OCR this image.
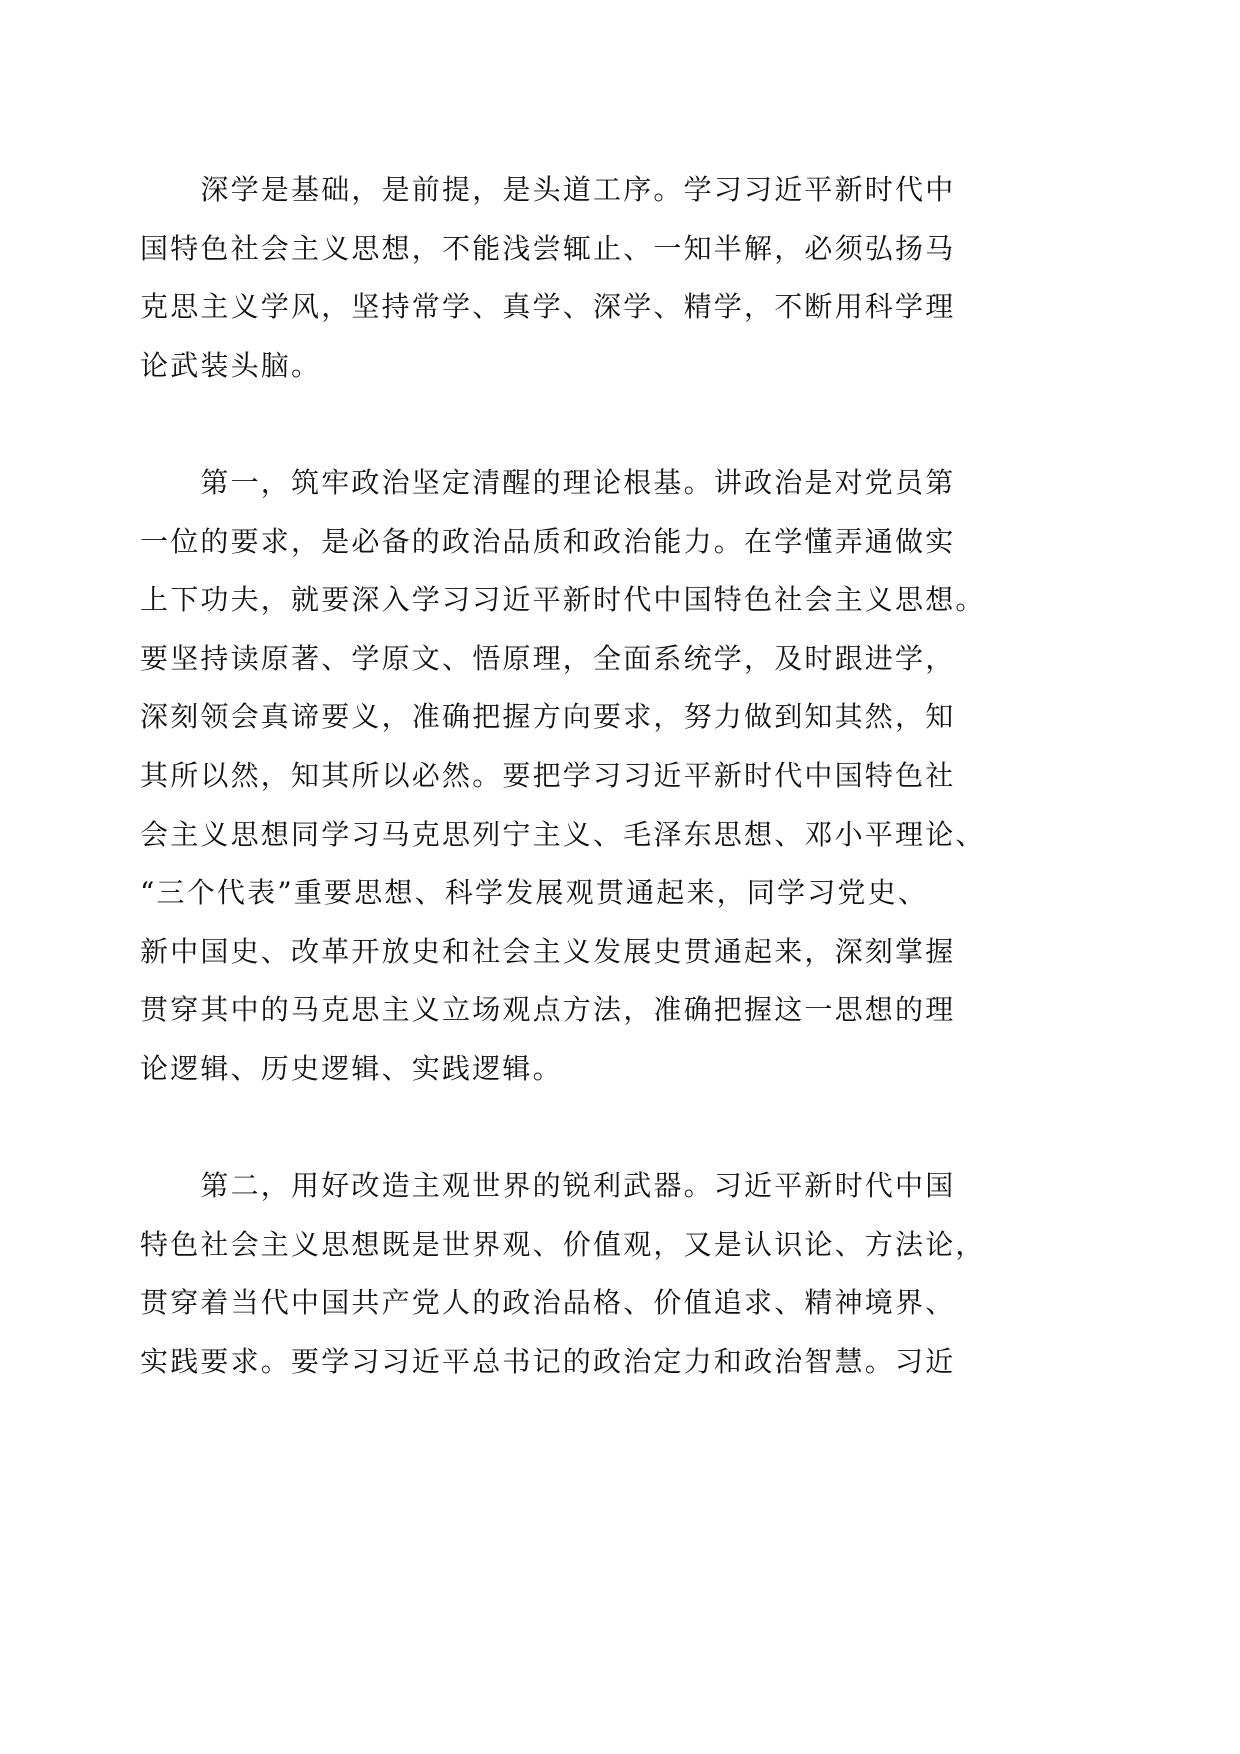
深学是基础，是前提，是头道工序。学习习近平新时代中
国特色社会主义思想，不能浅尝辄止、一知半解，必须弘扬马
克思主义学风，坚持常学、真学、深学、精学，不断用科学理
论武装头脑。
第一，筑牢政治坚定清醒的理论根基。讲政治是对党员第
一位的要求，是必备的政治品质和政治能力。在学懂弄通做实
上下功夫，就要深入学习习近平新时代中国特色社会主义思想。
要坚持读原著、学原文、悟原理，全面系统学，及时跟进学，
深刻领会真谛要义，准确把握方向要求，努力做到知其然，知
其所以然，知其所以必然。要把学习习近平新时代中国特色社
会主义思想同学习马克思列宁主义、毛泽东思想、邓小平理论、
“三个代表”重要思想、科学发展观贯通起来，同学习党史、
新中国史、改革开放史和社会主义发展史贯通起来，深刻掌握
贯穿其中的马克思主义立场观点方法，准确把握这一思想的理
论逻辑、历史逻辑、实践逻辑。
第二，用好改造主观世界的锐利武器。习近平新时代中国
特色社会主义思想既是世界观、价值观，又是认识论、方法论，
贯穿着当代中国共产党人的政治品格、价值追求、精神境界、
实践要求。要学习习近平总书记的政治定力和政治智慧。习近
